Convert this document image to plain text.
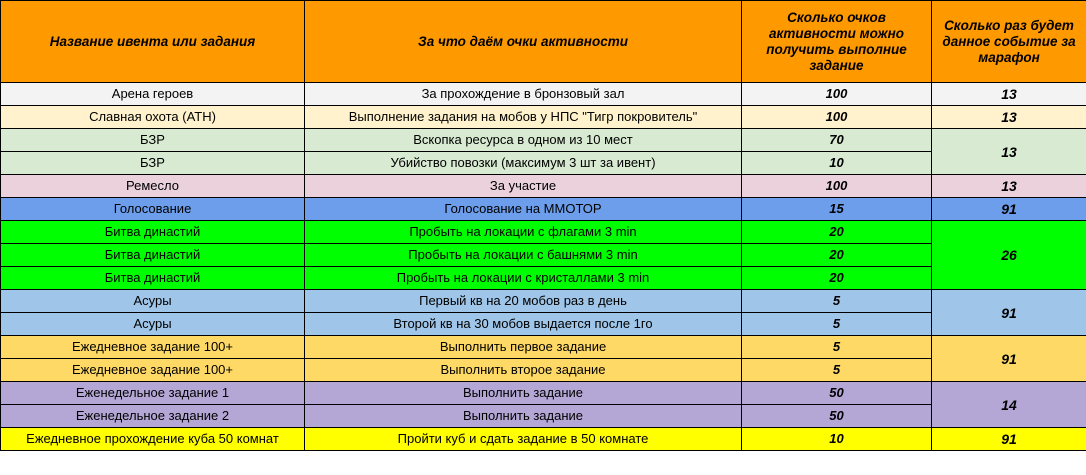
Название ивента или задания	За что даём очки активности	Сколько очков активности можно получить выполние задание	Сколько раз будет данное событие за марафон
Арена героев	За прохождение в бронзовый зал	100	13
Славная охота (АТН)	Выполнение задания на мобов у НПС "Тигр покровитель"	100	13
БЗР	Вскопка ресурса в одном из 10 мест	70	13
БЗР	Убийство повозки (максимум 3 шт за ивент)	10	
Ремесло	За участие	100	13
Голосование	Голосование на ММОТОР	15	91
Битва династий	Пробыть на локации с флагами 3 min	20	26
Битва династий	Пробыть на локации с башнями 3 min	20	
Битва династий	Пробыть на локации с кристаллами 3 min	20	
Асуры	Первый кв на 20 мобов раз в день	5	91
Асуры	Второй кв на 30 мобов выдается после 1го	5	
Ежедневное задание 100+	Выполнить первое задание	5	91
Ежедневное задание 100+	Выполнить второе задание	5	
Еженедельное задание 1	Выполнить задание	50	14
Еженедельное задание 2	Выполнить задание	50	
Ежедневное прохождение куба 50 комнат	Пройти куб и сдать задание в 50 комнате	10	91
